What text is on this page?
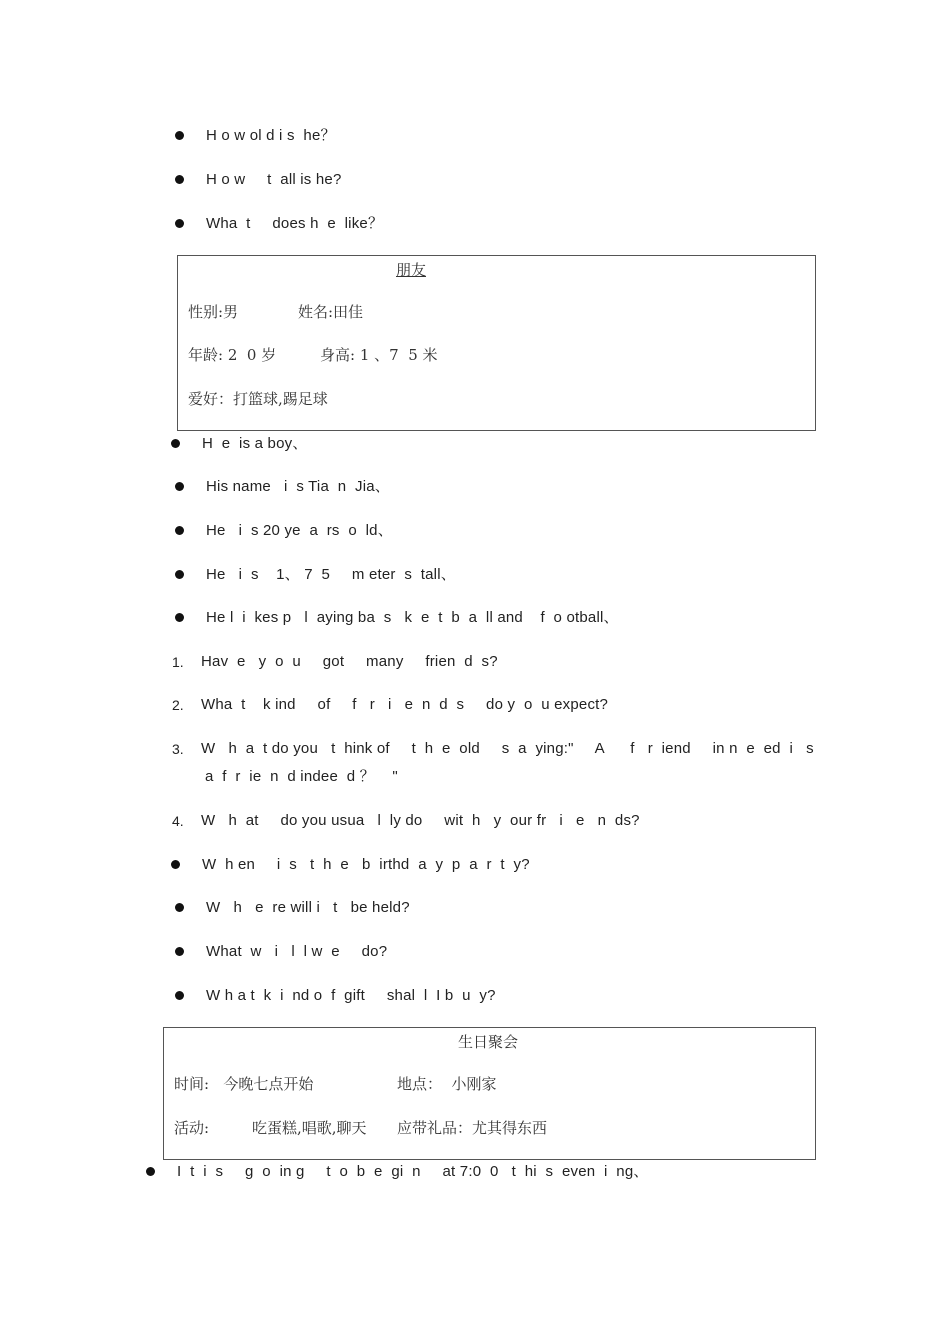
H o w ol d i s  he？
H o w     t  all is he?
Wha  t     does h  e  like？
朋友
性别:男	姓名:田佳
年龄: 2  0 岁	身高: 1 、7  5 米
爱好：打篮球,踢足球
H  e  is a boy、
His name   i  s Tia  n  Jia、
He   i  s 20 ye  a  rs  o  ld、
He   i  s    1、 7  5     m eter  s  tall、
He l  i  kes p   l  aying ba  s   k  e  t  b  a  ll and    f  o otball、
1. Hav  e   y  o  u     got     many     frien  d  s?
2. Wha  t    k ind     of     f   r   i   e  n  d  s     do y  o  u expect?
3. W   h  a  t do you   t  hink of     t  h  e  old     s  a  ying:"     A      f   r  iend     in n  e  ed  i   s
a  f  r  ie  n  d indee  d ？    "
4. W   h  at     do you usua   l  ly do     wit  h   y  our fr   i   e   n  ds?
W  h en     i  s   t  h  e   b  irthd  a  y  p  a  r  t  y?
W   h   e  re will i   t   be held?
What  w   i   l  l w  e     do?
W h a t  k  i  nd o  f  gift     shal  l  I b  u  y?
生日聚会
时间:   今晚七点开始	地点：  小刚家
活动:         吃蛋糕,唱歌,聊天 应带礼品：尤其得东西
I  t  i  s     g  o  in g     t  o  b  e  gi  n     at 7:0  0   t  hi  s  even  i  ng、
